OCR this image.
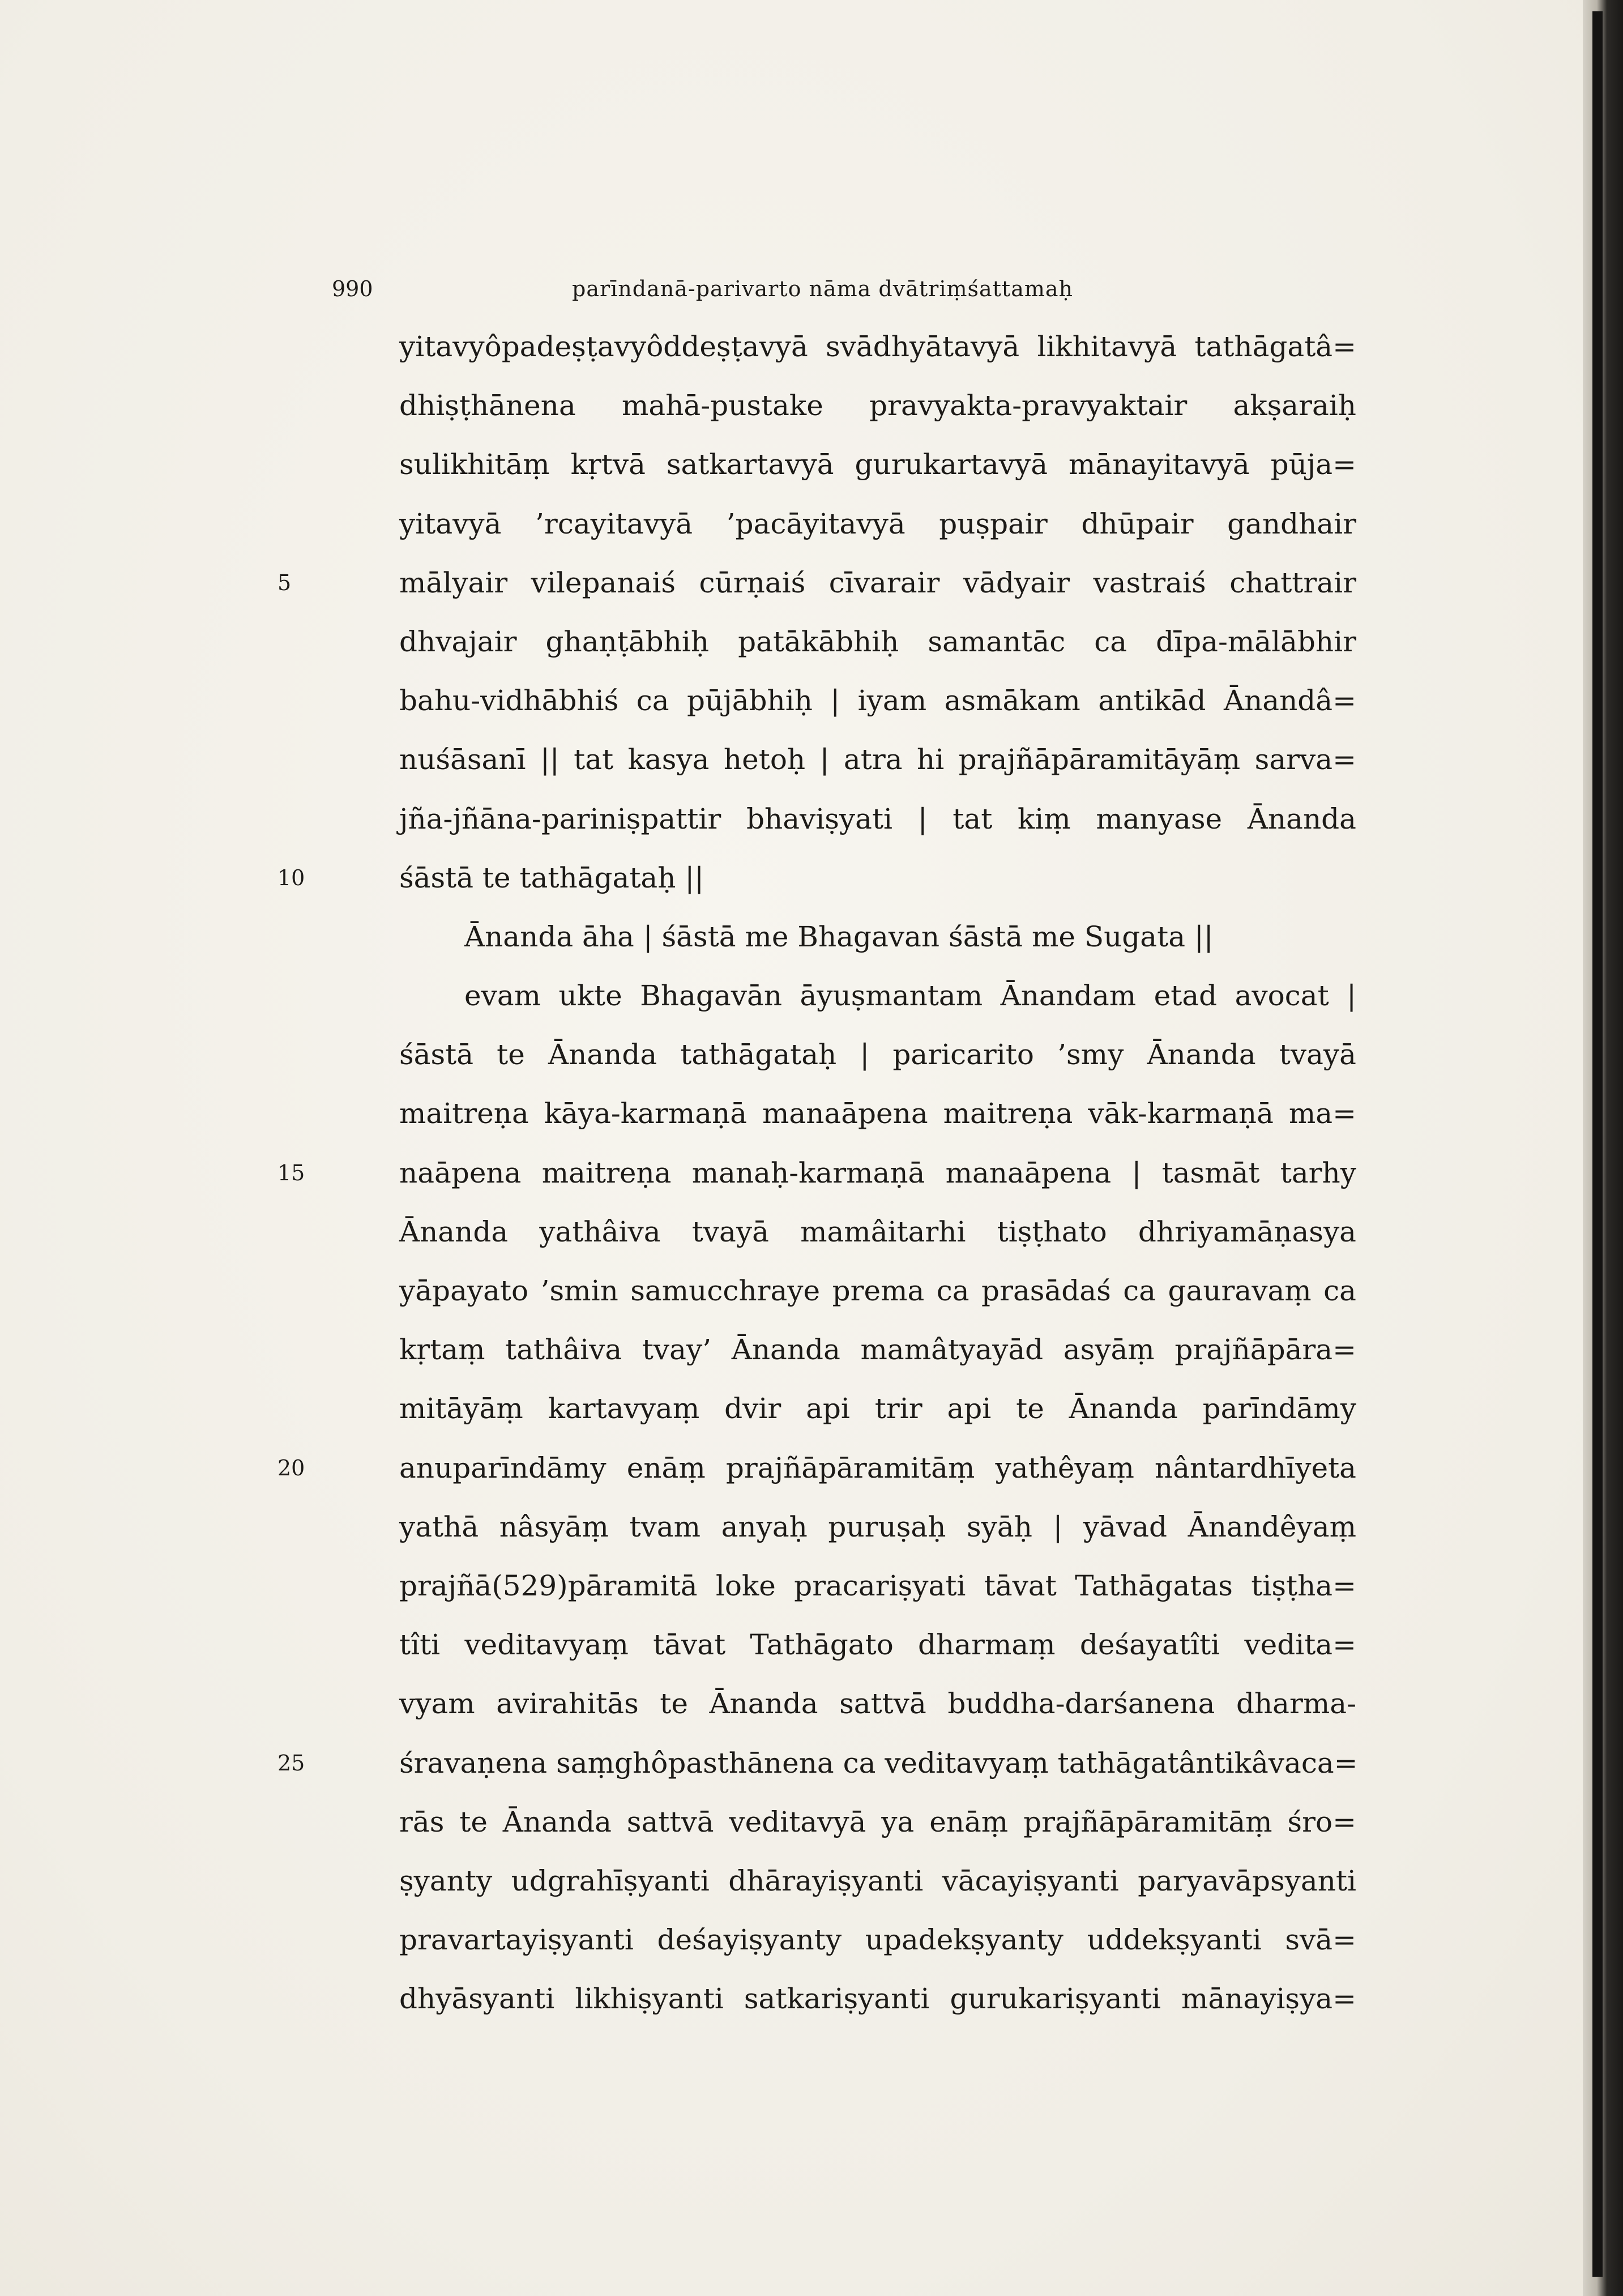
990	parīndanā-parivarto nāma dvātriṃśattamaḥ
yitavyôpadeṣṭavyôddeṣṭavyā svādhyātavyā likhitavyā tathāgatâ=
dhiṣṭhānena mahā-pustake pravyakta-pravyaktair akṣaraiḥ
sulikhitāṃ kṛtvā satkartavyā gurukartavyā mānayitavyā pūja=
yitavyā ’rcayitavyā ’pacāyitavyā puṣpair dhūpair gandhair
5	mālyair vilepanaiś cūrṇaiś cīvarair vādyair vastraiś chattrair
dhvajair ghaṇṭābhiḥ patākābhiḥ samantāc ca dīpa-mālābhir
bahu-vidhābhiś ca pūjābhiḥ | iyam asmākam antikād Ānandâ=
nuśāsanī || tat kasya hetoḥ | atra hi prajñāpāramitāyāṃ sarva=
jña-jñāna-pariniṣpattir bhaviṣyati | tat kiṃ manyase Ānanda
10	śāstā te tathāgataḥ ||
Ānanda āha | śāstā me Bhagavan śāstā me Sugata ||
evam ukte Bhagavān āyuṣmantam Ānandam etad avocat |
śāstā te Ānanda tathāgataḥ | paricarito ’smy Ānanda tvayā
maitreṇa kāya-karmaṇā manaāpena maitreṇa vāk-karmaṇā ma=
15	naāpena maitreṇa manaḥ-karmaṇā manaāpena | tasmāt tarhy
Ānanda yathâiva tvayā mamâitarhi tiṣṭhato dhriyamāṇasya
yāpayato ’smin samucchraye prema ca prasādaś ca gauravaṃ ca
kṛtaṃ tathâiva tvay’ Ānanda mamâtyayād asyāṃ prajñāpāra=
mitāyāṃ kartavyaṃ dvir api trir api te Ānanda parīndāmy
20	anuparīndāmy enāṃ prajñāpāramitāṃ yathêyaṃ nântardhīyeta
yathā nâsyāṃ tvam anyaḥ puruṣaḥ syāḥ | yāvad Ānandêyaṃ
prajñā(529)pāramitā loke pracariṣyati tāvat Tathāgatas tiṣṭha=
tîti veditavyaṃ tāvat Tathāgato dharmaṃ deśayatîti vedita=
vyam avirahitās te Ānanda sattvā buddha-darśanena dharma-
25	śravaṇena saṃghôpasthānena ca veditavyaṃ tathāgatântikâvaca=
rās te Ānanda sattvā veditavyā ya enāṃ prajñāpāramitāṃ śro=
ṣyanty udgrahīṣyanti dhārayiṣyanti vācayiṣyanti paryavāpsyanti
pravartayiṣyanti deśayiṣyanty upadekṣyanty uddekṣyanti svā=
dhyāsyanti likhiṣyanti satkariṣyanti gurukariṣyanti mānayiṣya=
